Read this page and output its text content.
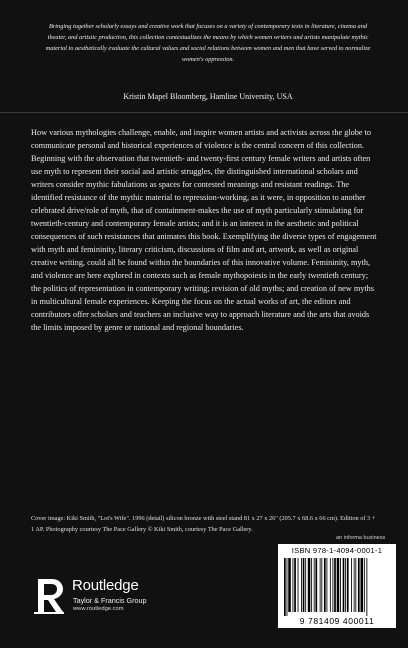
Bringing together scholarly essays and creative work that focuses on a variety of contemporary texts in literature, cinema and theater, and artistic production, this collection contextualizes the means by which women writers and artists manipulate mythic material to aesthetically evaluate the cultural values and social relations between women and men that have served to normalize women's oppression.
Kristin Mapel Bloomberg, Hamline University, USA
How various mythologies challenge, enable, and inspire women artists and activists across the globe to communicate personal and historical experiences of violence is the central concern of this collection. Beginning with the observation that twentieth- and twenty-first century female writers and artists often use myth to represent their social and artistic struggles, the distinguished international scholars and writers consider mythic fabulations as spaces for contested meanings and resistant readings. The identified resistance of the mythic material to repression-working, as it were, in opposition to another celebrated drive/role of myth, that of containment-makes the use of myth particularly stimulating for twentieth-century and contemporary female artists; and it is an interest in the aesthetic and political consequences of such resistances that animates this book. Exemplifying the diverse types of engagement with myth and femininity, literary criticism, discussions of film and art, artwork, as well as original creative writing, could all be found within the boundaries of this innovative volume. Femininity, myth, and violence are here explored in contexts such as female mythopoiesis in the early twentieth century; the politics of representation in contemporary writing; revision of old myths; and creation of new myths in multicultural female experiences. Keeping the focus on the actual works of art, the editors and contributors offer scholars and teachers an inclusive way to approach literature and the arts that avoids the limits imposed by genre or national and regional boundaries.
Cover image: Kiki Smith, "Lot's Wife". 1996 (detail) silicon bronze with steel stand 81 x 27 x 26" (205.7 x 68.6 x 66 cm). Edition of 3 + 1 AP. Photography courtesy The Pace Gallery © Kiki Smith, courtesy The Pace Gallery.
an informa business
ISBN 978-1-4094-0001-1
9 781409 400011
Routledge
Taylor & Francis Group
www.routledge.com
